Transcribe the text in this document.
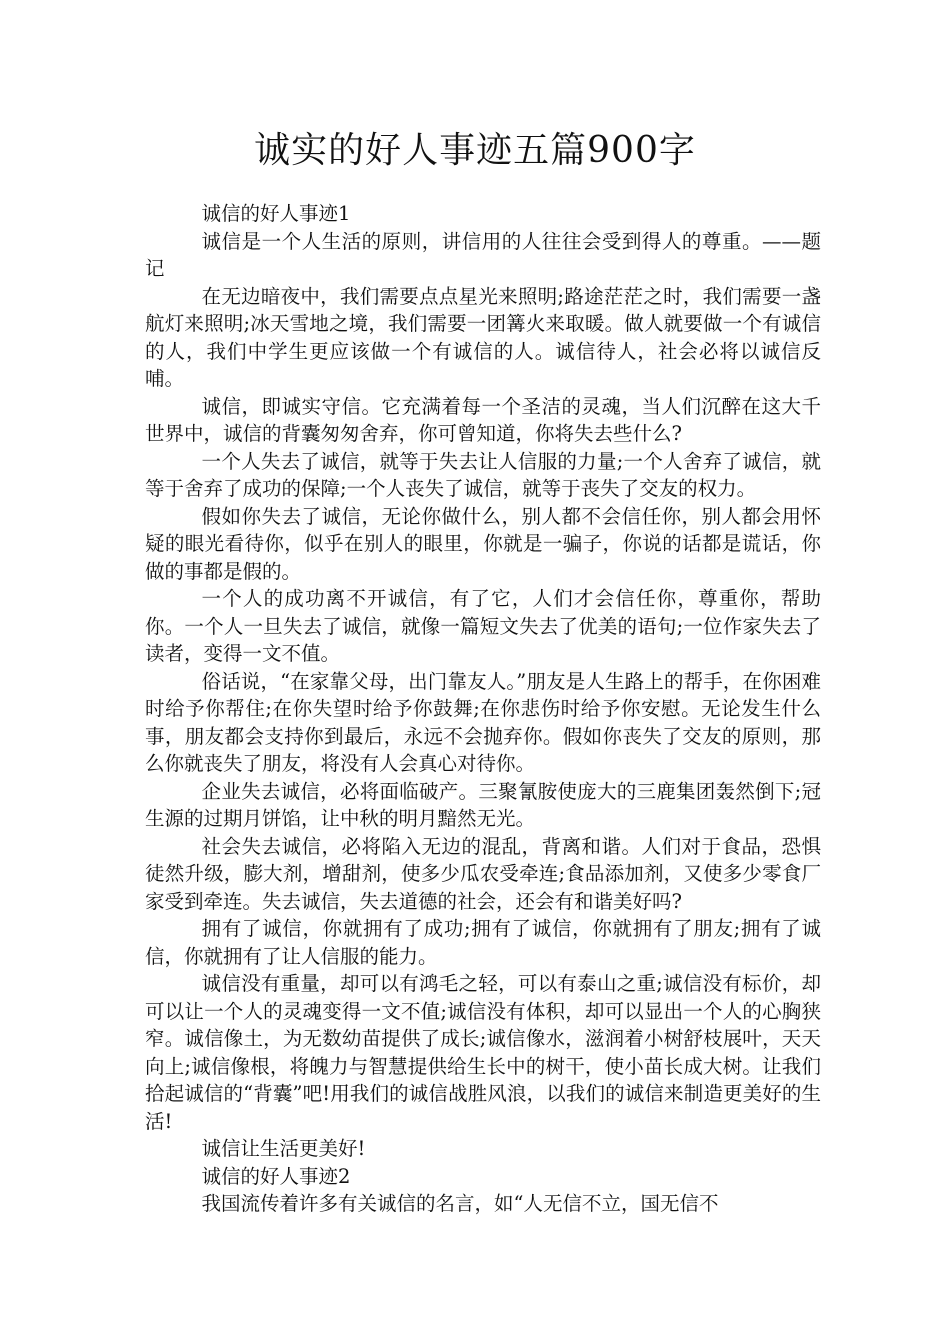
诚实的好人事迹五篇900字

诚信的好人事迹1

诚信是一个人生活的原则，讲信用的人往往会受到得人的尊重。——题记

在无边暗夜中，我们需要点点星光来照明;路途茫茫之时，我们需要一盏航灯来照明;冰天雪地之境，我们需要一团篝火来取暖。做人就要做一个有诚信的人，我们中学生更应该做一个有诚信的人。诚信待人，社会必将以诚信反哺。

诚信，即诚实守信。它充满着每一个圣洁的灵魂，当人们沉醉在这大千世界中，诚信的背囊匆匆舍弃，你可曾知道，你将失去些什么?

一个人失去了诚信，就等于失去让人信服的力量;一个人舍弃了诚信，就等于舍弃了成功的保障;一个人丧失了诚信，就等于丧失了交友的权力。

假如你失去了诚信，无论你做什么，别人都不会信任你，别人都会用怀疑的眼光看待你，似乎在别人的眼里，你就是一骗子，你说的话都是谎话，你做的事都是假的。

一个人的成功离不开诚信，有了它，人们才会信任你，尊重你，帮助你。一个人一旦失去了诚信，就像一篇短文失去了优美的语句;一位作家失去了读者，变得一文不值。

俗话说，“在家靠父母，出门靠友人。”朋友是人生路上的帮手，在你困难时给予你帮住;在你失望时给予你鼓舞;在你悲伤时给予你安慰。无论发生什么事，朋友都会支持你到最后，永远不会抛弃你。假如你丧失了交友的原则，那么你就丧失了朋友，将没有人会真心对待你。

企业失去诚信，必将面临破产。三聚氰胺使庞大的三鹿集团轰然倒下;冠生源的过期月饼馅，让中秋的明月黯然无光。

社会失去诚信，必将陷入无边的混乱，背离和谐。人们对于食品，恐惧徒然升级，膨大剂，增甜剂，使多少瓜农受牵连;食品添加剂，又使多少零食厂家受到牵连。失去诚信，失去道德的社会，还会有和谐美好吗?

拥有了诚信，你就拥有了成功;拥有了诚信，你就拥有了朋友;拥有了诚信，你就拥有了让人信服的能力。

诚信没有重量，却可以有鸿毛之轻，可以有泰山之重;诚信没有标价，却可以让一个人的灵魂变得一文不值;诚信没有体积，却可以显出一个人的心胸狭窄。诚信像土，为无数幼苗提供了成长;诚信像水，滋润着小树舒枝展叶，天天向上;诚信像根，将魄力与智慧提供给生长中的树干，使小苗长成大树。让我们拾起诚信的“背囊”吧!用我们的诚信战胜风浪，以我们的诚信来制造更美好的生活!

诚信让生活更美好!

诚信的好人事迹2

我国流传着许多有关诚信的名言，如“人无信不立，国无信不
